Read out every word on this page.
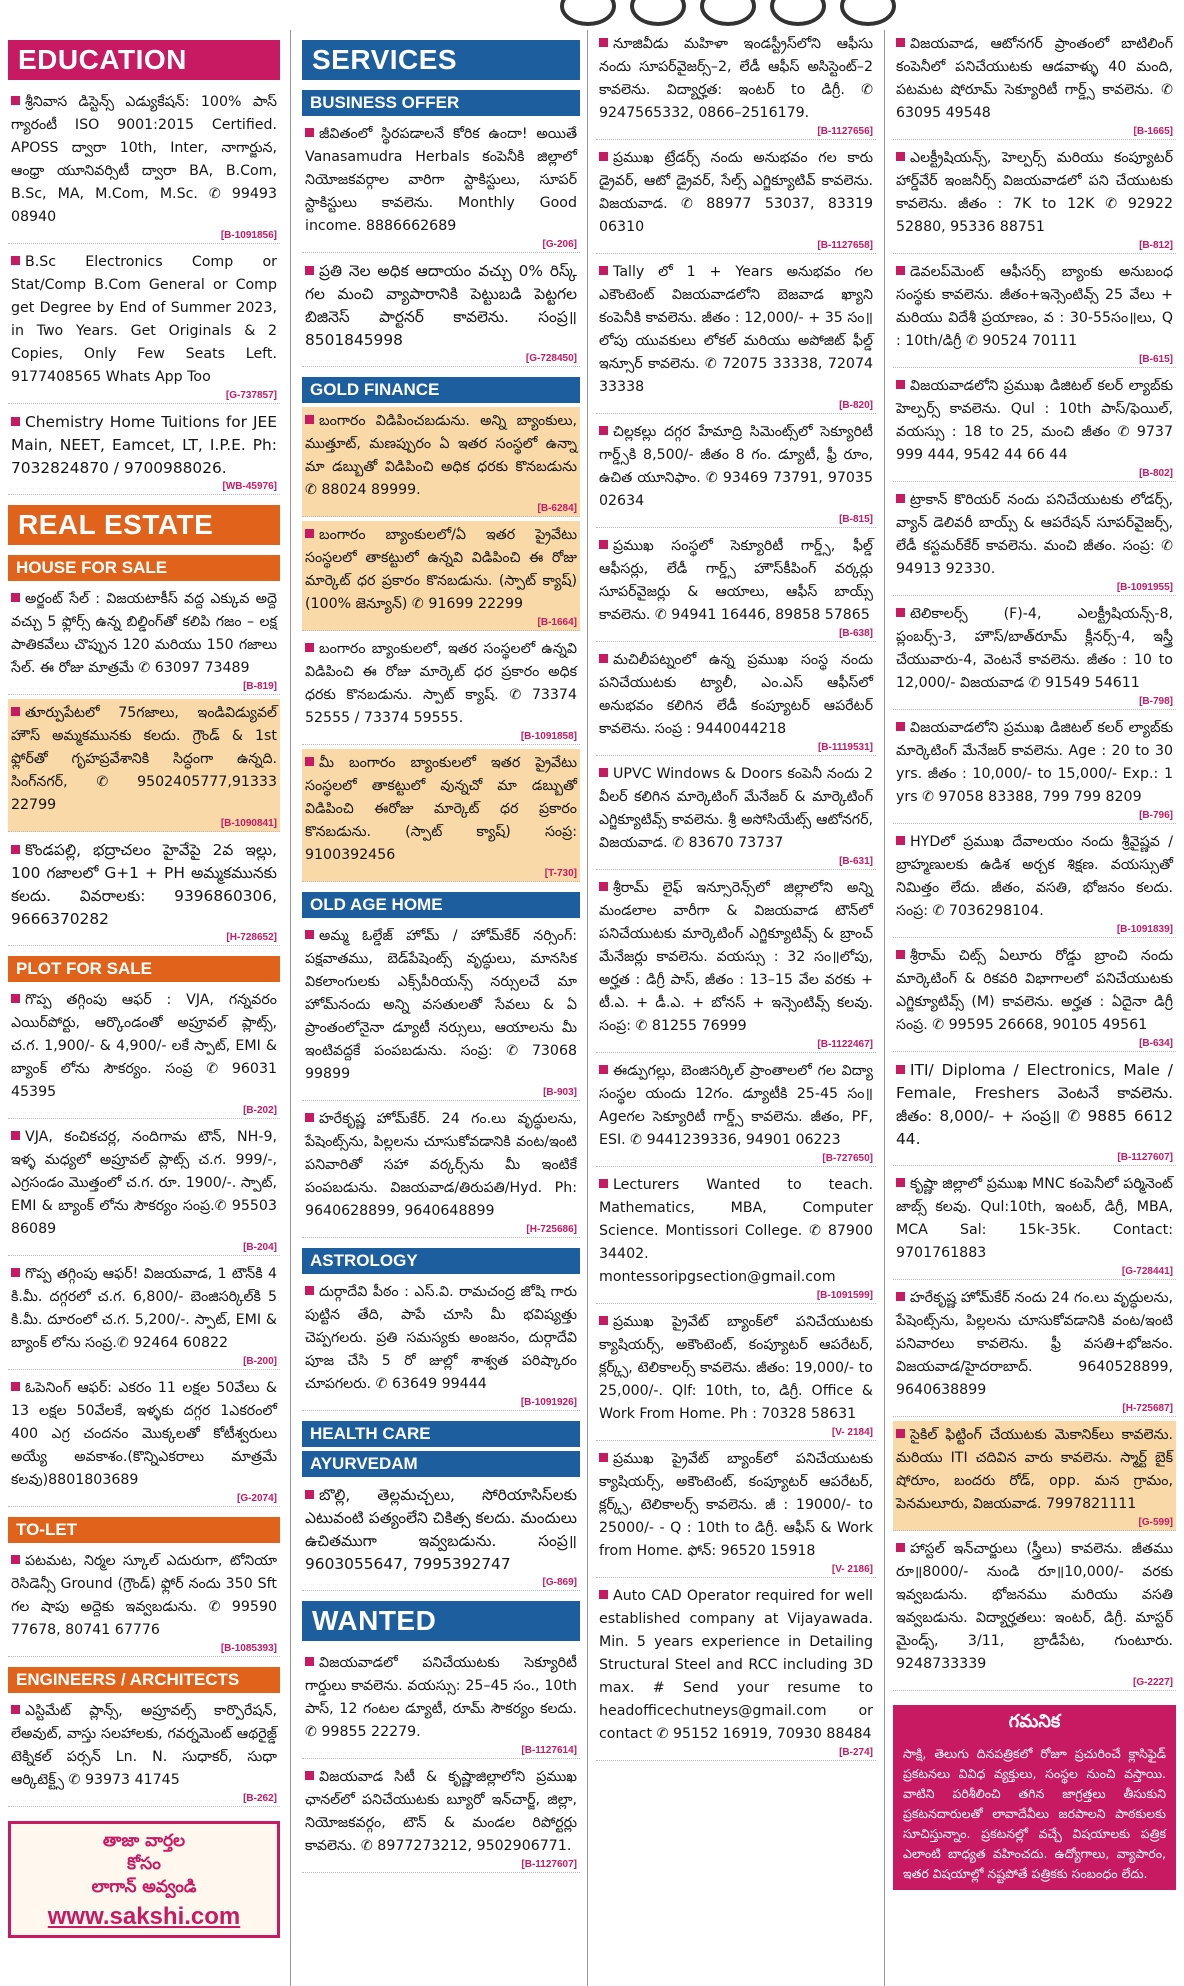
EDUCATION
శ్రీనివాస డిస్టెన్స్ ఎడ్యుకేషన్: 100% పాస్ గ్యారంటీ ISO 9001:2015 Certified. APOSS ద్వారా 10th, Inter, నాగార్జున, ఆంధ్రా యూనివర్సిటీ ద్వారా BA, B.Com, B.Sc, MA, M.Com, M.Sc. ✆ 99493 08940
[B-1091856]
B.Sc Electronics Comp or Stat/Comp B.Com General or Comp get Degree by End of Summer 2023, in Two Years. Get Originals & 2 Copies, Only Few Seats Left. 9177408565 Whats App Too
[G-737857]
Chemistry Home Tuitions for JEE Main, NEET, Eamcet, LT, I.P.E. Ph: 7032824870 / 9700988026.
[WB-45976]
REAL ESTATE
HOUSE FOR SALE
అర్జంట్ సేల్ : విజయటాకీస్ వద్ద ఎక్కువ అద్దె వచ్చు 5 ఫ్లోర్స్ ఉన్న బిల్డింగ్‌తో కలిపి గజం – లక్ష పాతికవేలు చొప్పున 120 మరియు 150 గజాలు సేల్. ఈ రోజు మాత్రమే ✆ 63097 73489
[B-819]
తూర్పుపేటలో 75గజాలు, ఇండివిడ్యువల్ హౌస్ అమ్మకమునకు కలదు. గ్రౌండ్ & 1st ఫ్లోర్‌తో గృహప్రవేశానికి సిద్ధంగా ఉన్నది. సింగ్‌నగర్, ✆ 9502405777,91333 22799
[B-1090841]
కొండపల్లి, భద్రాచలం హైవేపై 2వ ఇల్లు, 100 గజాలలో G+1 + PH అమ్మకమునకు కలదు. వివరాలకు: 9396860306, 9666370282
[H-728652]
PLOT FOR SALE
గొప్ప తగ్గింపు ఆఫర్ : VJA, గన్నవరం ఎయిర్‌పోర్టు, ఆర్కొండంతో అప్రూవల్ ప్లాట్స్, చ.గ. 1,900/- & 4,900/- లకే స్పాట్, EMI & బ్యాంక్ లోను సౌకర్యం. సంప్ర ✆ 96031 45395
[B-202]
VJA, కంచికచర్ల, నందిగామ టౌన్, NH-9, ఇళ్ళ మధ్యలో అప్రూవల్ ప్లాట్స్ చ.గ. 999/-, ఎగ్రసండం మొత్తంలో చ.గ. రూ. 1900/-. స్పాట్, EMI & బ్యాంక్ లోను సౌకర్యం సంప్ర.✆ 95503 86089
[B-204]
గొప్ప తగ్గింపు ఆఫర్! విజయవాడ, 1 టౌన్‌కి 4 కి.మీ. దగ్గరలో చ.గ. 6,800/- బెంజిసర్కిల్‌కి 5 కి.మీ. దూరంలో చ.గ. 5,200/-. స్పాట్, EMI & బ్యాంక్ లోను సంప్ర.✆ 92464 60822
[B-200]
ఓపెనింగ్ ఆఫర్: ఎకరం 11 లక్షల 50వేలు & 13 లక్షల 50వేలకే, ఇళ్ళకు దగ్గర 1ఎకరంలో 400 ఎగ్ర చందనం మొక్కలతో కోటీశ్వరులు అయ్యే అవకాశం.(కొన్నిఎకరాలు మాత్రమే కలవు)8801803689
[G-2074]
TO-LET
పటమట, నిర్మల స్కూల్ ఎదురుగా, టోనియా రెసిడెన్సీ Ground (గ్రౌండ్) ఫ్లోర్ నందు 350 Sft గల షాపు అద్దెకు ఇవ్వబడును. ✆ 99590 77678, 80741 67776
[B-1085393]
ENGINEERS / ARCHITECTS
ఎస్టిమేట్ ప్లాన్స్, అప్రూవల్స్ కార్పొరేషన్, లేఅవుట్, వాస్తు సలహాలకు, గవర్నమెంట్ ఆథరైజ్డ్ టెక్నికల్ పర్సన్ Ln. N. సుధాకర్, సుధా ఆర్కిటెక్ట్స్ ✆ 93973 41745
[B-262]
తాజా వార్తల
కోసం
లాగాన్ అవ్వండి
www.sakshi.com
SERVICES
BUSINESS OFFER
జీవితంలో స్థిరపడాలనే కోరిక ఉందా! అయితే Vanasamudra Herbals కంపెనీకి జిల్లాలో నియోజకవర్గాల వారిగా స్టాకిస్టులు, సూపర్ స్టాకిస్టులు కావలెను. Monthly Good income. 8886662689
[G-206]
ప్రతి నెల అధిక ఆదాయం వచ్చు 0% రిస్క్ గల మంచి వ్యాపారానికి పెట్టుబడి పెట్టగల బిజినెస్ పార్టనర్ కావలెను. సంప్ర॥ 8501845998
[G-728450]
GOLD FINANCE
బంగారం విడిపించబడును. అన్ని బ్యాంకులు, ముత్తూట్, మణప్పురం ఏ ఇతర సంస్థలో ఉన్నా మా డబ్బుతో విడిపించి అధిక ధరకు కొనబడును ✆ 88024 89999.
[B-6284]
బంగారం బ్యాంకులలో/ఏ ఇతర ప్రైవేటు సంస్థలలో తాకట్టులో ఉన్నవి విడిపించి ఈ రోజు మార్కెట్ ధర ప్రకారం కొనబడును. (స్పాట్ క్యాష్) (100% జెన్యూన్) ✆ 91699 22299
[B-1664]
బంగారం బ్యాంకులలో, ఇతర సంస్థలలో ఉన్నవి విడిపించి ఈ రోజు మార్కెట్ ధర ప్రకారం అధిక ధరకు కొనబడును. స్పాట్ క్యాష్. ✆ 73374 52555 / 73374 59555.
[B-1091858]
మీ బంగారం బ్యాంకులలో ఇతర ప్రైవేటు సంస్థలలో తాకట్టులో వున్నచో మా డబ్బుతో విడిపించి ఈరోజు మార్కెట్ ధర ప్రకారం కొనబడును. (స్పాట్ క్యాష్) సంప్ర: 9100392456
[T-730]
OLD AGE HOME
అమ్మ ఓల్డేజ్ హోమ్ / హోమ్‌కేర్ నర్సింగ్: పక్షవాతము, బెడ్‌పేషెంట్స్ వృద్ధులు, మానసిక వికలాంగులకు ఎక్స్‌పీరియన్స్ నర్సులచే మా హోమ్‌నందు అన్ని వసతులతో సేవలు & ఏ ప్రాంతంలోనైనా డ్యూటీ నర్సులు, ఆయాలను మీ ఇంటివద్దకే పంపబడును. సంప్ర: ✆ 73068 99899
[B-903]
హరేకృష్ణ హోమ్‌కేర్. 24 గం.లు వృద్ధులను, పేషెంట్స్‌ను, పిల్లలను చూసుకోవడానికి వంట/ఇంటి పనివారితో సహా వర్కర్స్‌ను మీ ఇంటికే పంపబడును. విజయవాడ/తిరుపతి/Hyd. Ph: 9640628899, 9640648899
[H-725686]
ASTROLOGY
దుర్గాదేవి పీఠం : ఎస్.వి. రామచంద్ర జోషి గారు పుట్టిన తేది, పాపే చూసి మీ భవిష్యత్తు చెప్పగలరు. ప్రతి సమస్యకు అంజనం, దుర్గాదేవి పూజ చేసి 5 రో జుల్లో శాశ్వత పరిష్కారం చూపగలరు. ✆ 63649 99444
[B-1091926]
HEALTH CARE
AYURVEDAM
బొల్లి, తెల్లమచ్చలు, సోరియాసిస్‌లకు ఎటువంటి పత్యంలేని చికిత్స కలదు. మందులు ఉచితముగా ఇవ్వబడును. సంప్ర॥ 9603055647, 7995392747
[G-869]
WANTED
విజయవాడలో పనిచేయుటకు సెక్యూరిటీ గార్డులు కావలెను. వయస్సు: 25–45 సం., 10th పాస్, 12 గంటల డ్యూటీ, రూమ్ సౌకర్యం కలదు. ✆ 99855 22279.
[B-1127614]
విజయవాడ సిటీ & కృష్ణాజిల్లాలోని ప్రముఖ ఛానల్‌లో పనిచేయుటకు బ్యూరో ఇన్‌చార్జ్, జిల్లా, నియోజకవర్గం, టౌన్ & మండల రిపోర్టర్లు కావలెను. ✆ 8977273212, 9502906771.
[B-1127607]
నూజివీడు మహిళా ఇండస్ట్రీస్‌లోని ఆఫీసు నందు సూపర్‌వైజర్స్–2, లేడీ ఆఫీస్ అసిస్టెంట్–2 కావలెను. విద్యార్హత: ఇంటర్ to డిగ్రీ. ✆ 9247565332, 0866–2516179.
[B-1127656]
ప్రముఖ ట్రేడర్స్ నందు అనుభవం గల కారు డ్రైవర్, ఆటో డ్రైవర్, సేల్స్ ఎగ్జిక్యూటివ్ కావలెను. విజయవాడ. ✆ 88977 53037, 83319 06310
[B-1127658]
Tally లో 1 + Years అనుభవం గల ఎకౌంటెంట్ విజయవాడలోని బెజవాడ ఖ్యాని కంపెనీకి కావలెను. జీతం : 12,000/- + 35 సం॥లోపు యువకులు లోకల్ మరియు అపోజిట్ ఫీల్డ్ ఇన్సూర్ కావలెను. ✆ 72075 33338, 72074 33338
[B-820]
చిల్లకల్లు దగ్గర హేమాద్రి సిమెంట్స్‌లో సెక్యూరిటీ గార్డ్స్‌కి 8,500/- జీతం 8 గం. డ్యూటీ, ఫ్రీ రూం, ఉచిత యూనిఫాం. ✆ 93469 73791, 97035 02634
[B-815]
ప్రముఖ సంస్థలో సెక్యూరిటీ గార్డ్స్, ఫీల్డ్ ఆఫీసర్లు, లేడీ గార్డ్స్ హౌస్‌కీపింగ్ వర్కర్లు సూపర్‌వైజర్లు & ఆయాలు, ఆఫీస్ బాయ్స్ కావలెను. ✆ 94941 16446, 89858 57865
[B-638]
మచిలీపట్నంలో ఉన్న ప్రముఖ సంస్థ నందు పనిచేయుటకు ట్యాలీ, ఎం.ఎస్ ఆఫీస్‌లో అనుభవం కలిగిన లేడీ కంప్యూటర్ ఆపరేటర్ కావలెను. సంప్ర : 9440044218
[B-1119531]
UPVC Windows & Doors కంపెనీ నందు 2 వీలర్ కలిగిన మార్కెటింగ్ మేనేజర్ & మార్కెటింగ్ ఎగ్జిక్యూటివ్స్ కావలెను. శ్రీ అసోసియేట్స్ ఆటోనగర్, విజయవాడ. ✆ 83670 73737
[B-631]
శ్రీరామ్ లైఫ్ ఇన్సూరెన్స్‌లో జిల్లాలోని అన్ని మండలాల వారీగా & విజయవాడ టౌన్‌లో పనిచేయుటకు మార్కెటింగ్ ఎగ్జిక్యూటివ్స్ & బ్రాంచ్ మేనేజర్లు కావలెను. వయస్సు : 32 సం॥లోపు, అర్హత : డిగ్రీ పాస్, జీతం : 13–15 వేల వరకు + టీ.ఎ. + డీ.ఎ. + బోనస్ + ఇన్సెంటివ్స్ కలవు. సంప్ర: ✆ 81255 76999
[B-1122467]
ఈడ్పుగల్లు, బెంజిసర్కిల్ ప్రాంతాలలో గల విద్యా సంస్థల యందు 12గం. డ్యూటీకి 25-45 సం॥ Ageగల సెక్యూరిటీ గార్డ్స్ కావలెను. జీతం, PF, ESI. ✆ 9441239336, 94901 06223
[B-727650]
Lecturers Wanted to teach. Mathematics, MBA, Computer Science. Montissori College. ✆ 87900 34402. montessoripgsection@gmail.com
[B-1091599]
ప్రముఖ ప్రైవేట్ బ్యాంక్‌లో పనిచేయుటకు క్యాషియర్స్, అకౌంటెంట్, కంప్యూటర్ ఆపరేటర్, క్లర్క్స్, టెలికాలర్స్ కావలెను. జీతం: 19,000/- to 25,000/-. Qlf: 10th, to, డిగ్రీ. Office & Work From Home. Ph : 70328 58631
[V- 2184]
ప్రముఖ ప్రైవేట్ బ్యాంక్‌లో పనిచేయుటకు క్యాషియర్స్, అకౌంటెంట్, కంప్యూటర్ ఆపరేటర్, క్లర్క్స్, టెలికాలర్స్ కావలెను. జీ : 19000/- to 25000/- - Q : 10th to డిగ్రీ. ఆఫీస్ & Work from Home. ఫోన్: 96520 15918
[V- 2186]
Auto CAD Operator required for well established company at Vijayawada. Min. 5 years experience in Detailing Structural Steel and RCC including 3D max. # Send your resume to headofficechutneys@gmail.com or contact ✆ 95152 16919, 70930 88484
[B-274]
విజయవాడ, ఆటోనగర్ ప్రాంతంలో బాటిలింగ్ కంపెనీలో పనిచేయుటకు ఆడవాళ్ళు 40 మంది, పటమట షోరూమ్ సెక్యూరిటీ గార్డ్స్ కావలెను. ✆ 63095 49548
[B-1665]
ఎలక్ట్రీషియన్స్, హెల్పర్స్ మరియు కంప్యూటర్ హార్డ్‌వేర్ ఇంజనీర్స్ విజయవాడలో పని చేయుటకు కావలెను. జీతం : 7K to 12K ✆ 92922 52880, 95336 88751
[B-812]
డెవలప్‌మెంట్ ఆఫీసర్స్ బ్యాంకు అనుబంధ సంస్థకు కావలెను. జీతం+ఇన్సెంటివ్స్ 25 వేలు + మరియు విదేశీ ప్రయాణం, వ : 30-55సం॥లు, Q : 10th/డిగ్రీ ✆ 90524 70111
[B-615]
విజయవాడలోని ప్రముఖ డిజిటల్ కలర్ ల్యాబ్‌కు హెల్పర్స్ కావలెను. Qul : 10th పాస్/ఫెయిల్, వయస్సు : 18 to 25, మంచి జీతం ✆ 9737 999 444, 9542 44 66 44
[B-802]
ట్రాకాన్ కొరియర్ నందు పనిచేయుటకు లోడర్స్, వ్యాన్ డెలివరీ బాయ్స్ & ఆపరేషన్ సూపర్‌వైజర్స్, లేడీ కస్టమర్‌కేర్ కావలెను. మంచి జీతం. సంప్ర: ✆ 94913 92330.
[B-1091955]
టెలికాలర్స్ (F)-4, ఎలక్ట్రీషియన్స్-8, ప్లంబర్స్-3, హౌస్/బాత్‌రూమ్ క్లీనర్స్-4, ఇస్త్రీ చేయువారు-4, వెంటనే కావలెను. జీతం : 10 to 12,000/- విజయవాడ ✆ 91549 54611
[B-798]
విజయవాడలోని ప్రముఖ డిజిటల్ కలర్ ల్యాబ్‌కు మార్కెటింగ్ మేనేజర్ కావలెను. Age : 20 to 30 yrs. జీతం : 10,000/- to 15,000/- Exp.: 1 yrs ✆ 97058 83388, 799 799 8209
[B-796]
HYDలో ప్రముఖ దేవాలయం నందు శ్రీవైష్ణవ / బ్రాహ్మణులకు ఉడిశ అర్చక శిక్షణ. వయస్సుతో నిమిత్తం లేదు. జీతం, వసతి, భోజనం కలదు. సంప్ర: ✆ 7036298104.
[B-1091839]
శ్రీరామ్ చిట్స్ ఏలూరు రోడ్డు బ్రాంచి నందు మార్కెటింగ్ & రికవరి విభాగాలలో పనిచేయుటకు ఎగ్జిక్యూటివ్స్ (M) కావలెను. అర్హత : ఏదైనా డిగ్రీ సంప్ర. ✆ 99595 26668, 90105 49561
[B-634]
ITI/ Diploma / Electronics, Male / Female, Freshers వెంటనే కావలెను. జీతం: 8,000/- + సంప్ర॥ ✆ 9885 6612 44.
[B-1127607]
కృష్ణా జిల్లాలో ప్రముఖ MNC కంపెనీలో పర్మినెంట్ జాబ్స్ కలవు. Qul:10th, ఇంటర్, డిగ్రీ, MBA, MCA Sal: 15k-35k. Contact: 9701761883
[G-728441]
హరేకృష్ణ హోమ్‌కేర్ నందు 24 గం.లు వృద్ధులను, పేషెంట్స్‌ను, పిల్లలను చూసుకోవడానికి వంట/ఇంటి పనివారలు కావలెను. ఫ్రీ వసతి+భోజనం. విజయవాడ/హైదరాబాద్. 9640528899, 9640638899
[H-725687]
సైకిల్ ఫిట్టింగ్ చేయుటకు మెకానిక్‌లు కావలెను. మరియు ITI చదివిన వారు కావలెను. స్మార్ట్ బైక్ షోరూం, బందరు రోడ్, opp. మన గ్రామం, పెనమలూరు, విజయవాడ. 7997821111
[G-599]
హాస్టల్ ఇన్‌చార్జులు (స్త్రీలు) కావలెను. జీతము రూ॥8000/- నుండి రూ॥10,000/- వరకు ఇవ్వబడును. భోజనము మరియు వసతి ఇవ్వబడును. విద్యార్హతలు: ఇంటర్, డిగ్రీ. మాస్టర్ మైండ్స్, 3/11, బ్రాడీపేట, గుంటూరు. 9248733339
[G-2227]
గమనిక
సాక్షి, తెలుగు దినపత్రికలో రోజూ ప్రచురించే క్లాసిఫైడ్ ప్రకటనలు వివిధ వ్యక్తులు, సంస్థల నుంచి వస్తాయి. వాటిని పరిశీలించి తగిన జాగ్రత్తలు తీసుకుని ప్రకటనదారులతో లావాదేవీలు జరపాలని పాఠకులకు సూచిస్తున్నాం. ప్రకటనల్లో వచ్చే విషయాలకు పత్రిక ఎలాంటి బాధ్యత వహించదు. ఉద్యోగాలు, వ్యాపారం, ఇతర విషయాల్లో నష్టపోతే పత్రికకు సంబంధం లేదు.
